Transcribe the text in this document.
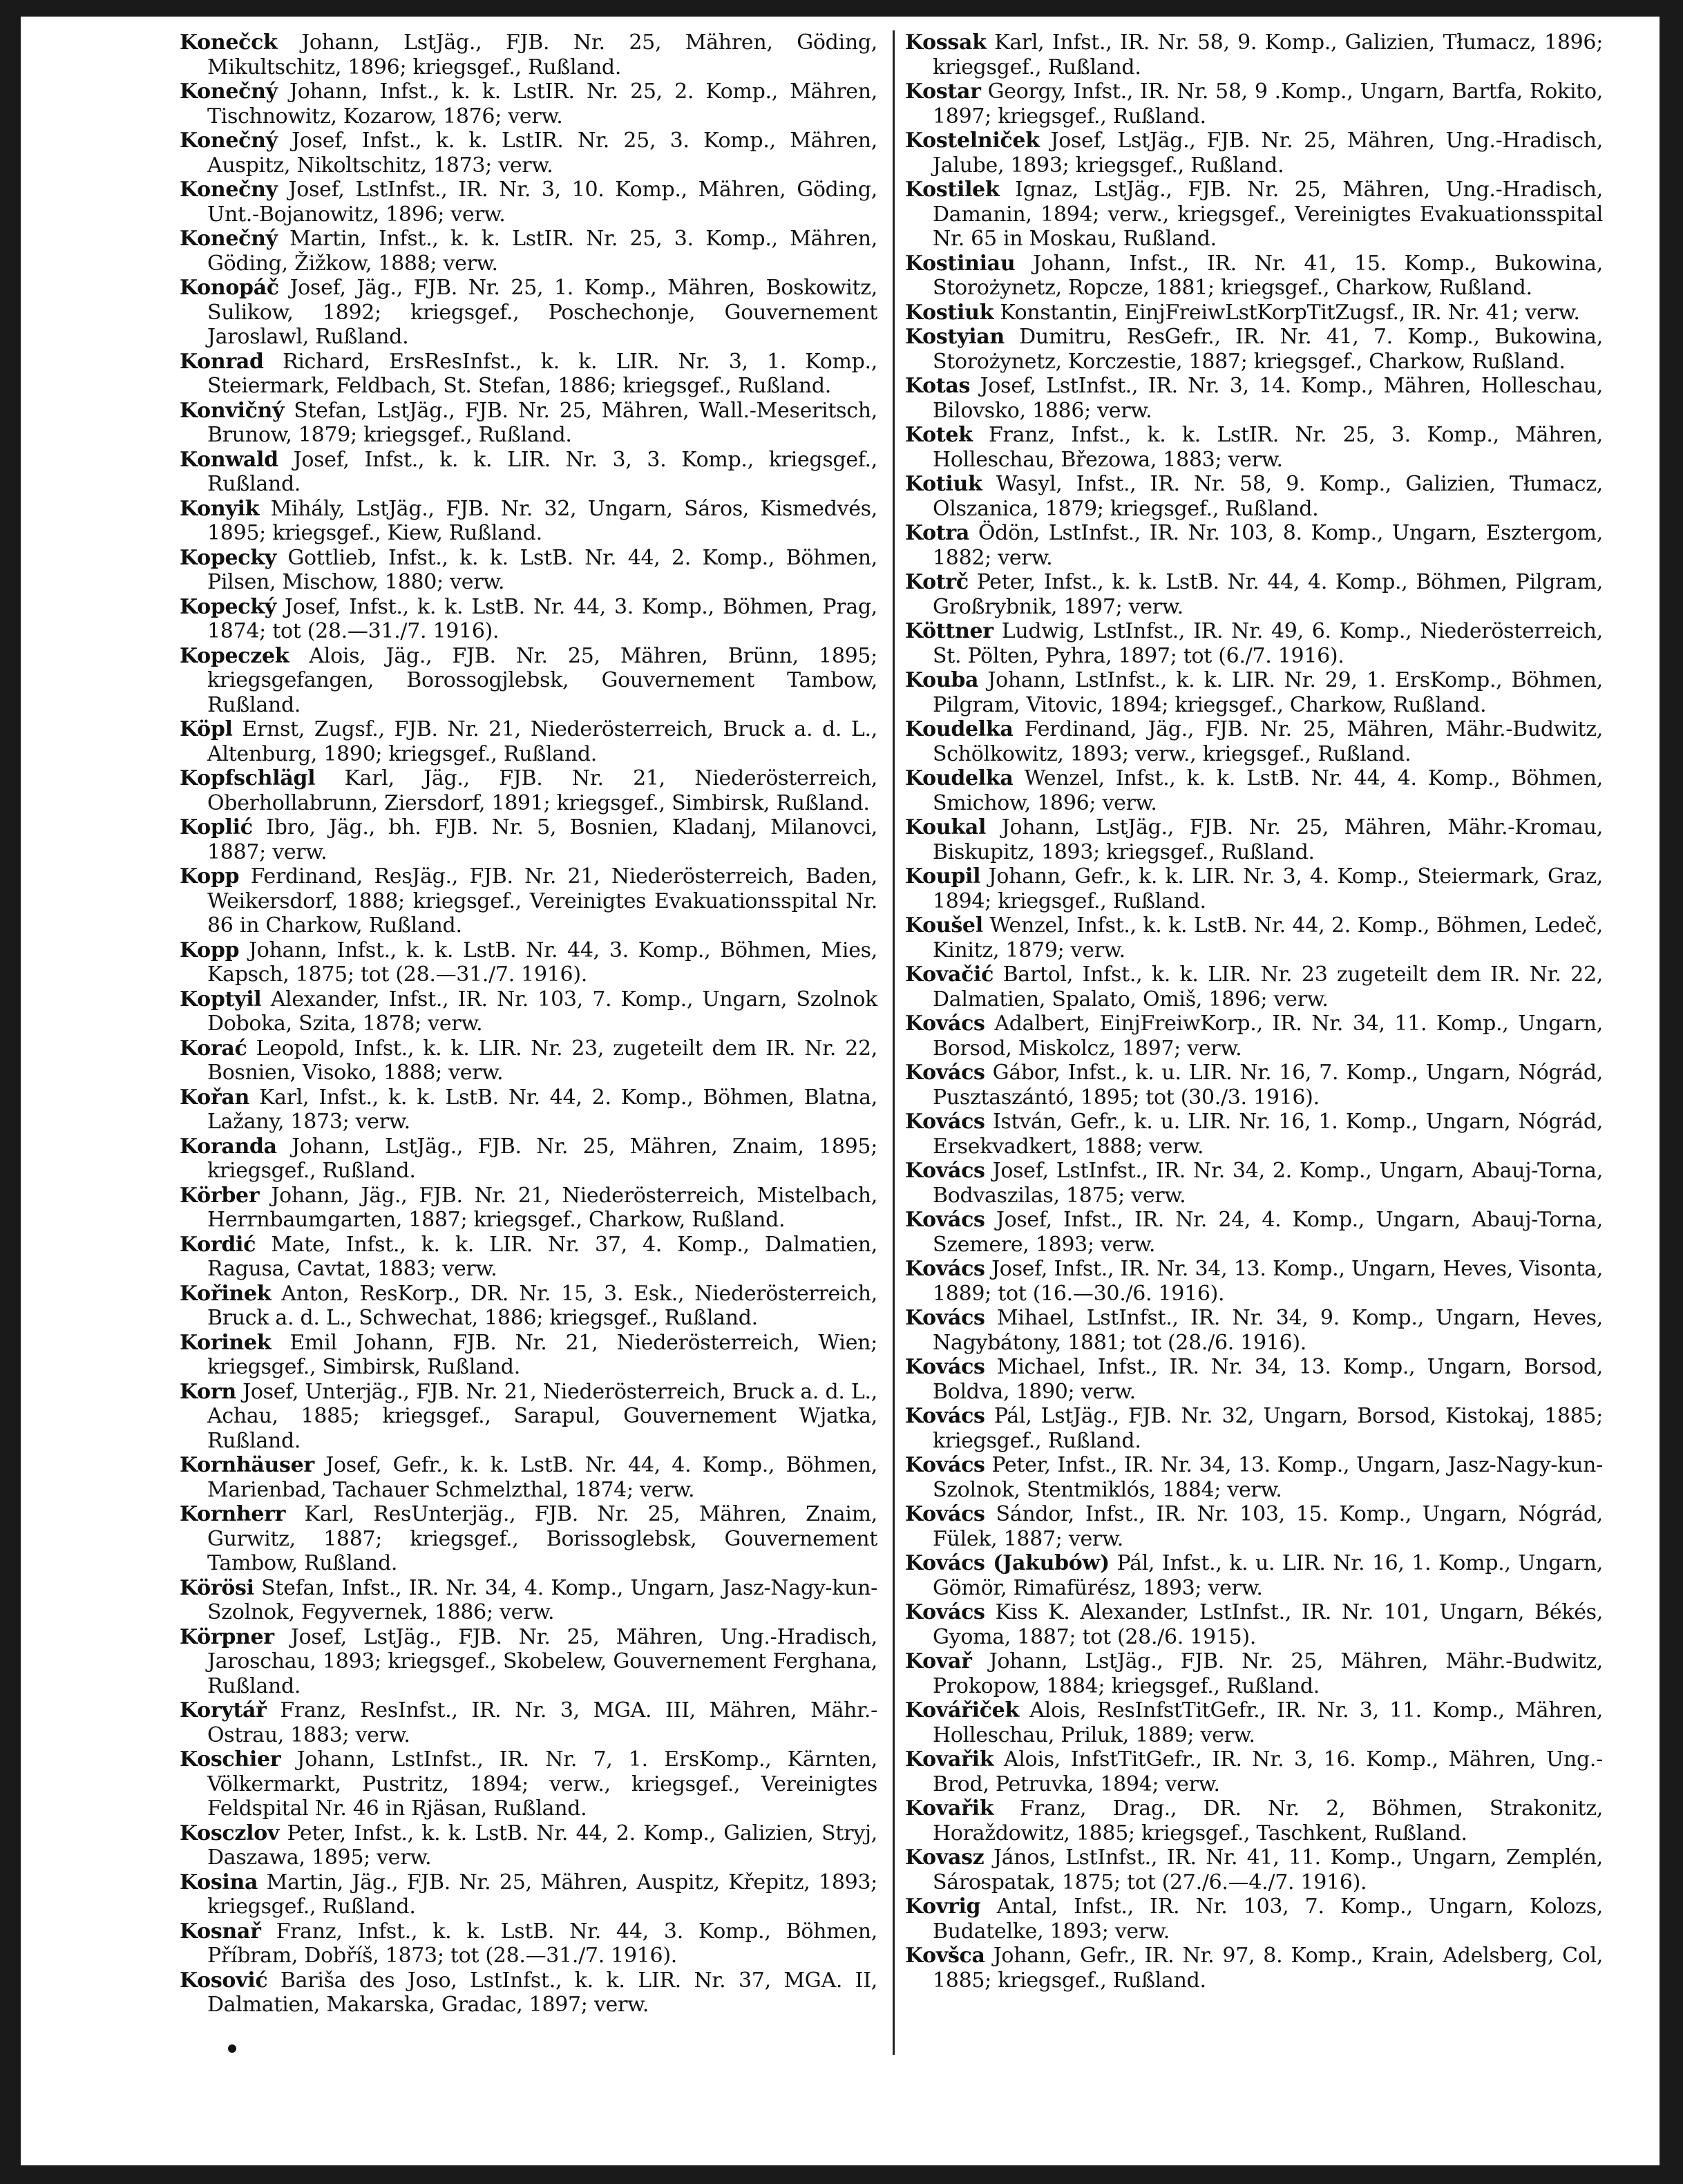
Konečck Johann, LstJäg., FJB. Nr. 25, Mähren, Göding, Mikultschitz, 1896; kriegsgef., Rußland.

Konečný Johann, Infst., k. k. LstIR. Nr. 25, 2. Komp., Mähren, Tischnowitz, Kozarow, 1876; verw.

Konečný Josef, Infst., k. k. LstIR. Nr. 25, 3. Komp., Mähren, Auspitz, Nikoltschitz, 1873; verw.

Konečny Josef, LstInfst., IR. Nr. 3, 10. Komp., Mähren, Göding, Unt.-Bojanowitz, 1896; verw.

Konečný Martin, Infst., k. k. LstIR. Nr. 25, 3. Komp., Mähren, Göding, Žižkow, 1888; verw.

Konopáč Josef, Jäg., FJB. Nr. 25, 1. Komp., Mähren, Boskowitz, Sulikow, 1892; kriegsgef., Poschechonje, Gouvernement Jaroslawl, Rußland.

Konrad Richard, ErsResInfst., k. k. LIR. Nr. 3, 1. Komp., Steiermark, Feldbach, St. Stefan, 1886; kriegsgef., Rußland.

Konvičný Stefan, LstJäg., FJB. Nr. 25, Mähren, Wall.-Meseritsch, Brunow, 1879; kriegsgef., Rußland.

Konwald Josef, Infst., k. k. LIR. Nr. 3, 3. Komp., kriegsgef., Rußland.

Konyik Mihály, LstJäg., FJB. Nr. 32, Ungarn, Sáros, Kismedvés, 1895; kriegsgef., Kiew, Rußland.

Kopecky Gottlieb, Infst., k. k. LstB. Nr. 44, 2. Komp., Böhmen, Pilsen, Mischow, 1880; verw.

Kopecký Josef, Infst., k. k. LstB. Nr. 44, 3. Komp., Böhmen, Prag, 1874; tot (28.—31./7. 1916).

Kopeczek Alois, Jäg., FJB. Nr. 25, Mähren, Brünn, 1895; kriegsgefangen, Borossogjlebsk, Gouvernement Tambow, Rußland.

Köpl Ernst, Zugsf., FJB. Nr. 21, Niederösterreich, Bruck a. d. L., Altenburg, 1890; kriegsgef., Rußland.

Kopfschlägl Karl, Jäg., FJB. Nr. 21, Niederösterreich, Oberhollabrunn, Ziersdorf, 1891; kriegsgef., Simbirsk, Rußland.

Koplić Ibro, Jäg., bh. FJB. Nr. 5, Bosnien, Kladanj, Milanovci, 1887; verw.

Kopp Ferdinand, ResJäg., FJB. Nr. 21, Niederösterreich, Baden, Weikersdorf, 1888; kriegsgef., Vereinigtes Evakuationsspital Nr. 86 in Charkow, Rußland.

Kopp Johann, Infst., k. k. LstB. Nr. 44, 3. Komp., Böhmen, Mies, Kapsch, 1875; tot (28.—31./7. 1916).

Koptyil Alexander, Infst., IR. Nr. 103, 7. Komp., Ungarn, Szolnok Doboka, Szita, 1878; verw.

Korać Leopold, Infst., k. k. LIR. Nr. 23, zugeteilt dem IR. Nr. 22, Bosnien, Visoko, 1888; verw.

Kořan Karl, Infst., k. k. LstB. Nr. 44, 2. Komp., Böhmen, Blatna, Lažany, 1873; verw.

Koranda Johann, LstJäg., FJB. Nr. 25, Mähren, Znaim, 1895; kriegsgef., Rußland.

Körber Johann, Jäg., FJB. Nr. 21, Niederösterreich, Mistelbach, Herrnbaumgarten, 1887; kriegsgef., Charkow, Rußland.

Kordić Mate, Infst., k. k. LIR. Nr. 37, 4. Komp., Dalmatien, Ragusa, Cavtat, 1883; verw.

Kořinek Anton, ResKorp., DR. Nr. 15, 3. Esk., Niederösterreich, Bruck a. d. L., Schwechat, 1886; kriegsgef., Rußland.

Korinek Emil Johann, FJB. Nr. 21, Niederösterreich, Wien; kriegsgef., Simbirsk, Rußland.

Korn Josef, Unterjäg., FJB. Nr. 21, Niederösterreich, Bruck a. d. L., Achau, 1885; kriegsgef., Sarapul, Gouvernement Wjatka, Rußland.

Kornhäuser Josef, Gefr., k. k. LstB. Nr. 44, 4. Komp., Böhmen, Marienbad, Tachauer Schmelzthal, 1874; verw.

Kornherr Karl, ResUnterjäg., FJB. Nr. 25, Mähren, Znaim, Gurwitz, 1887; kriegsgef., Borissoglebsk, Gouvernement Tambow, Rußland.

Körösi Stefan, Infst., IR. Nr. 34, 4. Komp., Ungarn, Jasz-Nagy-kun-Szolnok, Fegyvernek, 1886; verw.

Körpner Josef, LstJäg., FJB. Nr. 25, Mähren, Ung.-Hradisch, Jaroschau, 1893; kriegsgef., Skobelew, Gouvernement Ferghana, Rußland.

Korytář Franz, ResInfst., IR. Nr. 3, MGA. III, Mähren, Mähr.-Ostrau, 1883; verw.

Koschier Johann, LstInfst., IR. Nr. 7, 1. ErsKomp., Kärnten, Völkermarkt, Pustritz, 1894; verw., kriegsgef., Vereinigtes Feldspital Nr. 46 in Rjäsan, Rußland.

Kosczlov Peter, Infst., k. k. LstB. Nr. 44, 2. Komp., Galizien, Stryj, Daszawa, 1895; verw.

Kosina Martin, Jäg., FJB. Nr. 25, Mähren, Auspitz, Křepitz, 1893; kriegsgef., Rußland.

Kosnař Franz, Infst., k. k. LstB. Nr. 44, 3. Komp., Böhmen, Příbram, Dobříš, 1873; tot (28.—31./7. 1916).

Kosović Bariša des Joso, LstInfst., k. k. LIR. Nr. 37, MGA. II, Dalmatien, Makarska, Gradac, 1897; verw.

Kossak Karl, Infst., IR. Nr. 58, 9. Komp., Galizien, Tłumacz, 1896; kriegsgef., Rußland.

Kostar Georgy, Infst., IR. Nr. 58, 9 .Komp., Ungarn, Bartfa, Rokito, 1897; kriegsgef., Rußland.

Kostelniček Josef, LstJäg., FJB. Nr. 25, Mähren, Ung.-Hradisch, Jalube, 1893; kriegsgef., Rußland.

Kostilek Ignaz, LstJäg., FJB. Nr. 25, Mähren, Ung.-Hradisch, Damanin, 1894; verw., kriegsgef., Vereinigtes Evakuationsspital Nr. 65 in Moskau, Rußland.

Kostiniau Johann, Infst., IR. Nr. 41, 15. Komp., Bukowina, Storożynetz, Ropcze, 1881; kriegsgef., Charkow, Rußland.

Kostiuk Konstantin, EinjFreiwLstKorpTitZugsf., IR. Nr. 41; verw.

Kostyian Dumitru, ResGefr., IR. Nr. 41, 7. Komp., Bukowina, Storożynetz, Korczestie, 1887; kriegsgef., Charkow, Rußland.

Kotas Josef, LstInfst., IR. Nr. 3, 14. Komp., Mähren, Holleschau, Bilovsko, 1886; verw.

Kotek Franz, Infst., k. k. LstIR. Nr. 25, 3. Komp., Mähren, Holleschau, Březowa, 1883; verw.

Kotiuk Wasyl, Infst., IR. Nr. 58, 9. Komp., Galizien, Tłumacz, Olszanica, 1879; kriegsgef., Rußland.

Kotra Ödön, LstInfst., IR. Nr. 103, 8. Komp., Ungarn, Esztergom, 1882; verw.

Kotrč Peter, Infst., k. k. LstB. Nr. 44, 4. Komp., Böhmen, Pilgram, Großrybnik, 1897; verw.

Köttner Ludwig, LstInfst., IR. Nr. 49, 6. Komp., Niederösterreich, St. Pölten, Pyhra, 1897; tot (6./7. 1916).

Kouba Johann, LstInfst., k. k. LIR. Nr. 29, 1. ErsKomp., Böhmen, Pilgram, Vitovic, 1894; kriegsgef., Charkow, Rußland.

Koudelka Ferdinand, Jäg., FJB. Nr. 25, Mähren, Mähr.-Budwitz, Schölkowitz, 1893; verw., kriegsgef., Rußland.

Koudelka Wenzel, Infst., k. k. LstB. Nr. 44, 4. Komp., Böhmen, Smichow, 1896; verw.

Koukal Johann, LstJäg., FJB. Nr. 25, Mähren, Mähr.-Kromau, Biskupitz, 1893; kriegsgef., Rußland.

Koupil Johann, Gefr., k. k. LIR. Nr. 3, 4. Komp., Steiermark, Graz, 1894; kriegsgef., Rußland.

Koušel Wenzel, Infst., k. k. LstB. Nr. 44, 2. Komp., Böhmen, Ledeč, Kinitz, 1879; verw.

Kovačić Bartol, Infst., k. k. LIR. Nr. 23 zugeteilt dem IR. Nr. 22, Dalmatien, Spalato, Omiš, 1896; verw.

Kovács Adalbert, EinjFreiwKorp., IR. Nr. 34, 11. Komp., Ungarn, Borsod, Miskolcz, 1897; verw.

Kovács Gábor, Infst., k. u. LIR. Nr. 16, 7. Komp., Ungarn, Nógrád, Pusztaszántó, 1895; tot (30./3. 1916).

Kovács István, Gefr., k. u. LIR. Nr. 16, 1. Komp., Ungarn, Nógrád, Ersekvadkert, 1888; verw.

Kovács Josef, LstInfst., IR. Nr. 34, 2. Komp., Ungarn, Abauj-Torna, Bodvaszilas, 1875; verw.

Kovács Josef, Infst., IR. Nr. 24, 4. Komp., Ungarn, Abauj-Torna, Szemere, 1893; verw.

Kovács Josef, Infst., IR. Nr. 34, 13. Komp., Ungarn, Heves, Visonta, 1889; tot (16.—30./6. 1916).

Kovács Mihael, LstInfst., IR. Nr. 34, 9. Komp., Ungarn, Heves, Nagybátony, 1881; tot (28./6. 1916).

Kovács Michael, Infst., IR. Nr. 34, 13. Komp., Ungarn, Borsod, Boldva, 1890; verw.

Kovács Pál, LstJäg., FJB. Nr. 32, Ungarn, Borsod, Kistokaj, 1885; kriegsgef., Rußland.

Kovács Peter, Infst., IR. Nr. 34, 13. Komp., Ungarn, Jasz-Nagy-kun-Szolnok, Stentmiklós, 1884; verw.

Kovács Sándor, Infst., IR. Nr. 103, 15. Komp., Ungarn, Nógrád, Fülek, 1887; verw.

Kovács (Jakubów) Pál, Infst., k. u. LIR. Nr. 16, 1. Komp., Ungarn, Gömör, Rimafürész, 1893; verw.

Kovács Kiss K. Alexander, LstInfst., IR. Nr. 101, Ungarn, Békés, Gyoma, 1887; tot (28./6. 1915).

Kovař Johann, LstJäg., FJB. Nr. 25, Mähren, Mähr.-Budwitz, Prokopow, 1884; kriegsgef., Rußland.

Kovářiček Alois, ResInfstTitGefr., IR. Nr. 3, 11. Komp., Mähren, Holleschau, Priluk, 1889; verw.

Kovařik Alois, InfstTitGefr., IR. Nr. 3, 16. Komp., Mähren, Ung.-Brod, Petruvka, 1894; verw.

Kovařik Franz, Drag., DR. Nr. 2, Böhmen, Strakonitz, Horaždowitz, 1885; kriegsgef., Taschkent, Rußland.

Kovasz János, LstInfst., IR. Nr. 41, 11. Komp., Ungarn, Zemplén, Sárospatak, 1875; tot (27./6.—4./7. 1916).

Kovrig Antal, Infst., IR. Nr. 103, 7. Komp., Ungarn, Kolozs, Budatelke, 1893; verw.

Kovšca Johann, Gefr., IR. Nr. 97, 8. Komp., Krain, Adelsberg, Col, 1885; kriegsgef., Rußland.
